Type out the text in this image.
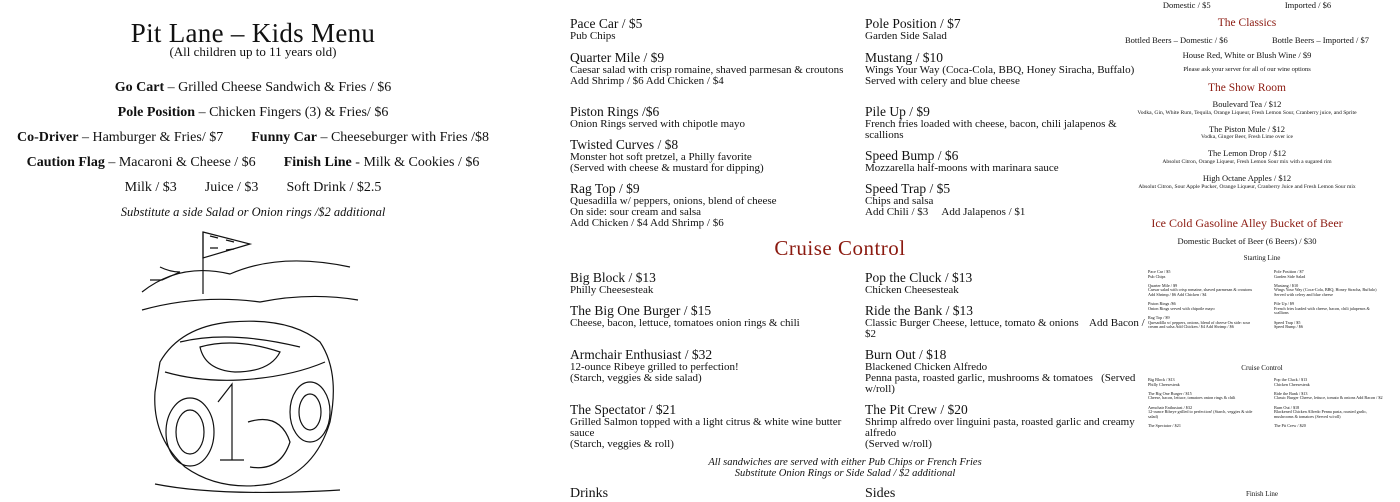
Pit Lane – Kids Menu
(All children up to 11 years old)
Go Cart – Grilled Cheese Sandwich & Fries / $6
Pole Position – Chicken Fingers (3) & Fries/ $6
Co-Driver – Hamburger & Fries/ $7 Funny Car – Cheeseburger with Fries /$8
Caution Flag – Macaroni & Cheese / $6 Finish Line - Milk & Cookies / $6
Milk / $3 Juice / $3 Soft Drink / $2.5
Substitute a side Salad or Onion rings /$2 additional
Pace Car / $5
Pub Chips
Quarter Mile / $9
Caesar salad with crisp romaine, shaved parmesan & croutons Add Shrimp / $6 Add Chicken / $4
Piston Rings /$6
Onion Rings served with chipotle mayo
Twisted Curves / $8
Monster hot soft pretzel, a Philly favorite
(Served with cheese & mustard for dipping)
Rag Top / $9
Quesadilla w/ peppers, onions, blend of cheese
On side: sour cream and salsa
Add Chicken / $4 Add Shrimp / $6
Pole Position / $7
Garden Side Salad
Mustang / $10
Wings Your Way (Coca-Cola, BBQ, Honey Siracha, Buffalo)
Served with celery and blue cheese
Pile Up / $9
French fries loaded with cheese, bacon, chili jalapenos & scallions
Speed Bump / $6
Mozzarella half-moons with marinara sauce
Speed Trap / $5
Chips and salsa
Add Chili / $3     Add Jalapenos / $1
Cruise Control
Big Block / $13
Philly Cheesesteak
The Big One Burger / $15
Cheese, bacon, lettuce, tomatoes onion rings & chili
Armchair Enthusiast / $32
12-ounce Ribeye grilled to perfection!
(Starch, veggies & side salad)
The Spectator / $21
Grilled Salmon topped with a light citrus & white wine butter sauce
(Starch, veggies & roll)
Pop the Cluck / $13
Chicken Cheesesteak
Ride the Bank / $13
Classic Burger Cheese, lettuce, tomato & onions    Add Bacon / $2
Burn Out / $18
Blackened Chicken Alfredo
Penna pasta, roasted garlic, mushrooms & tomatoes   (Served w/roll)
The Pit Crew / $20
Shrimp alfredo over linguini pasta, roasted garlic and creamy alfredo
(Served w/roll)
All sandwiches are served with either Pub Chips or French Fries
Substitute Onion Rings or Side Salad / $2 additional
Drinks	Sides
Domestic / $5	Imported / $6
The Classics
Bottled Beers – Domestic / $6	Bottle Beers – Imported / $7
House Red, White or Blush Wine / $9
Please ask your server for all of our wine options
The Show Room
Boulevard Tea / $12
Vodka, Gin, White Rum, Tequila, Orange Liqueur, Fresh Lemon Sour, Cranberry juice, and Sprite
The Piston Mule / $12
Vodka, Ginger Beer, Fresh Lime over ice
The Lemon Drop / $12
Absolut Citron, Orange Liqueur, Fresh Lemon Sour mix with a sugared rim
High Octane Apples / $12
Absolut Citron, Sour Apple Pucker, Orange Liqueur, Cranberry Juice and Fresh Lemon Sour mix
Ice Cold Gasoline Alley Bucket of Beer
Domestic Bucket of Beer (6 Beers) / $30
Starting Line
Pace Car / $5
Pub Chips

Quarter Mile / $9
Caesar salad with crisp romaine, shaved parmesan & croutons Add Shrimp / $6 Add Chicken / $4

Piston Rings /$6
Onion Rings served with chipotle mayo

Rag Top / $9
Quesadilla w/ peppers, onions, blend of cheese On side: sour cream and salsa Add Chicken / $4 Add Shrimp / $6
Pole Position / $7
Garden Side Salad

Mustang / $10
Wings Your Way (Coca-Cola, BBQ, Honey Siracha, Buffalo) Served with celery and blue cheese

Pile Up / $9
French fries loaded with cheese, bacon, chili jalapenos & scallions

Speed Trap / $5
Speed Bump / $6
Cruise Control
Big Block / $13
Philly Cheesesteak

The Big One Burger / $15
Cheese, bacon, lettuce, tomatoes onion rings & chili

Armchair Enthusiast / $32
12-ounce Ribeye grilled to perfection! (Starch, veggies & side salad)

The Spectator / $21
Pop the Cluck / $13
Chicken Cheesesteak

Ride the Bank / $13
Classic Burger Cheese, lettuce, tomato & onions Add Bacon / $2

Burn Out / $18
Blackened Chicken Alfredo Penna pasta, roasted garlic, mushrooms & tomatoes (Served w/roll)

The Pit Crew / $20
Finish Line
